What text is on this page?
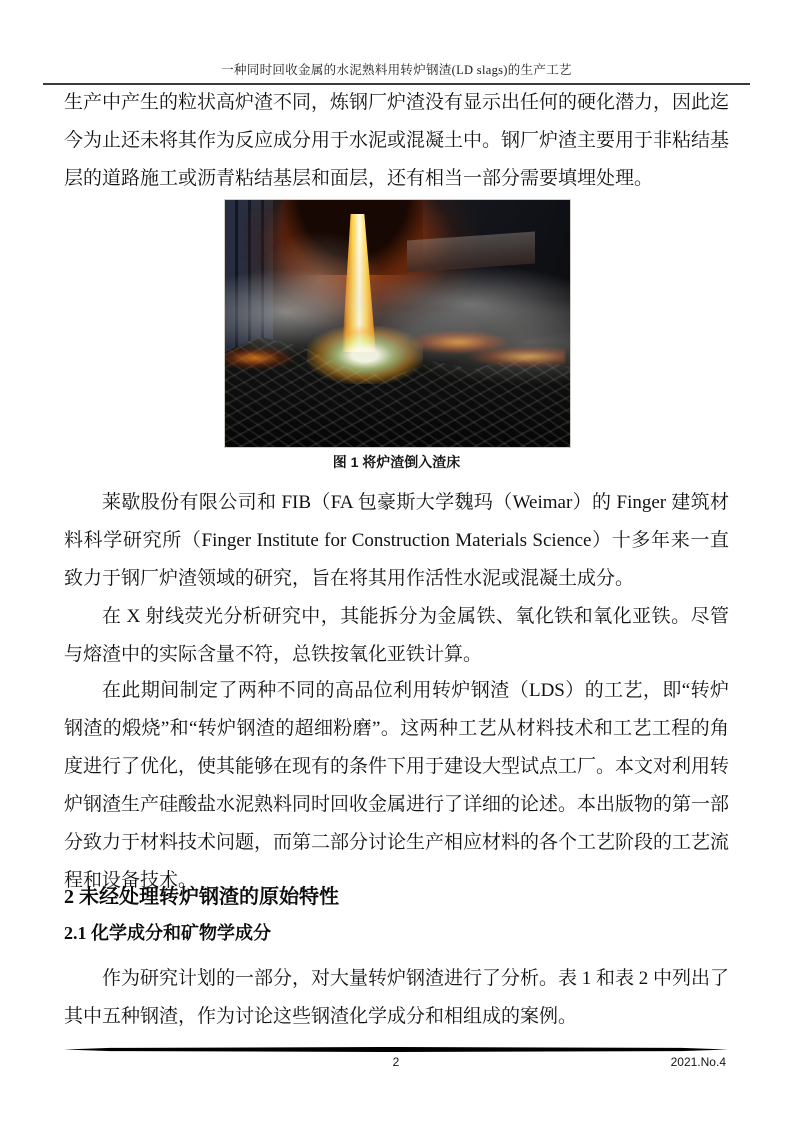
一种同时回收金属的水泥熟料用转炉钢渣(LD slags)的生产工艺
生产中产生的粒状高炉渣不同，炼钢厂炉渣没有显示出任何的硬化潜力，因此迄今为止还未将其作为反应成分用于水泥或混凝土中。钢厂炉渣主要用于非粘结基层的道路施工或沥青粘结基层和面层，还有相当一部分需要填埋处理。
图 1 将炉渣倒入渣床
莱歇股份有限公司和 FIB（FA 包豪斯大学魏玛（Weimar）的 Finger 建筑材料科学研究所（Finger Institute for Construction Materials Science）十多年来一直致力于钢厂炉渣领域的研究，旨在将其用作活性水泥或混凝土成分。
在 X 射线荧光分析研究中，其能拆分为金属铁、氧化铁和氧化亚铁。尽管与熔渣中的实际含量不符，总铁按氧化亚铁计算。
在此期间制定了两种不同的高品位利用转炉钢渣（LDS）的工艺，即“转炉钢渣的煅烧”和“转炉钢渣的超细粉磨”。这两种工艺从材料技术和工艺工程的角度进行了优化，使其能够在现有的条件下用于建设大型试点工厂。本文对利用转炉钢渣生产硅酸盐水泥熟料同时回收金属进行了详细的论述。本出版物的第一部分致力于材料技术问题，而第二部分讨论生产相应材料的各个工艺阶段的工艺流程和设备技术。
2 未经处理转炉钢渣的原始特性
2.1 化学成分和矿物学成分
作为研究计划的一部分，对大量转炉钢渣进行了分析。表 1 和表 2 中列出了其中五种钢渣，作为讨论这些钢渣化学成分和相组成的案例。
2	2021.No.4
